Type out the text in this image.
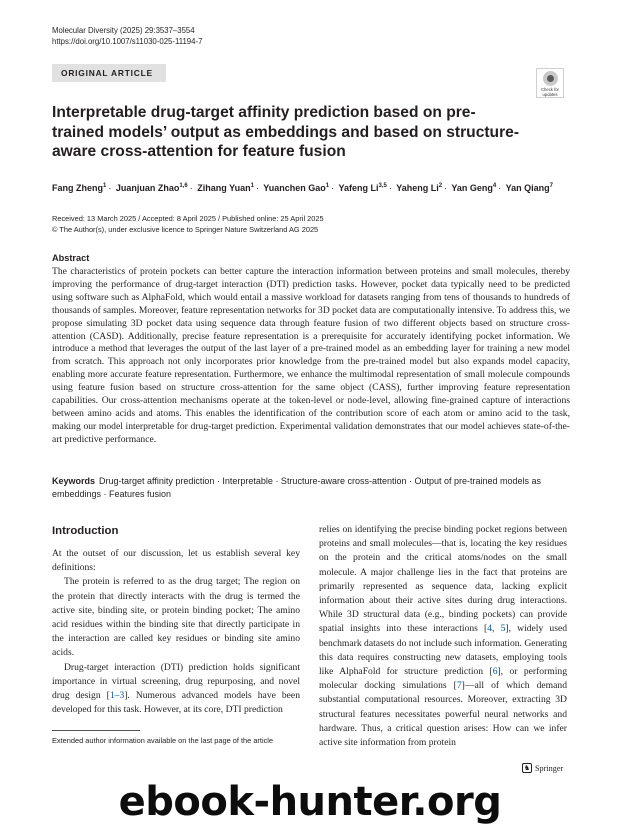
Molecular Diversity (2025) 29:3537–3554
https://doi.org/10.1007/s11030-025-11194-7
ORIGINAL ARTICLE
Check for updates
Interpretable drug-target affinity prediction based on pre-trained models’ output as embeddings and based on structure-aware cross-attention for feature fusion
Fang Zheng$^1$ · Juanjuan Zhao$^{1,6}$ · Zihang Yuan$^1$ · Yuanchen Gao$^1$ · Yafeng Li$^{3,5}$ · Yaheng $Li^2$ · Yan Geng$^4$ · Yan Qiang$^7$
Received: 13 March 2025 / Accepted: 8 April 2025 / Published online: 25 April 2025
© The Author(s), under exclusive licence to Springer Nature Switzerland AG 2025
Abstract

The characteristics of protein pockets can better capture the interaction information between proteins and small molecules, thereby improving the performance of drug-target interaction (DTI) prediction tasks. However, pocket data typically need to be predicted using software such as AlphaFold, which would entail a massive workload for datasets ranging from tens of thousands to hundreds of thousands of samples. Moreover, feature representation networks for 3D pocket data are computationally intensive. To address this, we propose simulating 3D pocket data using sequence data through feature fusion of two different objects based on structure cross-attention (CASD). Additionally, precise feature representation is a prerequisite for accurately identifying pocket information. We introduce a method that leverages the output of the last layer of a pre-trained model as an embedding layer for training a new model from scratch. This approach not only incorporates prior knowledge from the pre-trained model but also expands model capacity, enabling more accurate feature representation. Furthermore, we enhance the multimodal representation of small molecule compounds using feature fusion based on structure cross-attention for the same object (CASS), further improving feature representation capabilities. Our cross-attention mechanisms operate at the token-level or node-level, allowing fine-grained capture of interactions between amino acids and atoms. This enables the identification of the contribution score of each atom or amino acid to the task, making our model interpretable for drug-target prediction. Experimental validation demonstrates that our model achieves state-of-the-art predictive performance.

Keywords Drug-target affinity prediction · Interpretable · Structure-aware cross-attention · Output of pre-trained models as embeddings · Features fusion
Introduction

At the outset of our discussion, let us establish several key definitions:

The protein is referred to as the drug target; The region on the protein that directly interacts with the drug is termed the active site, binding site, or protein binding pocket; The amino acid residues within the binding site that directly participate in the interaction are called key residues or binding site amino acids.

Drug-target interaction (DTI) prediction holds significant importance in virtual screening, drug repurposing, and novel drug design [1–3]. Numerous advanced models have been developed for this task. However, at its core, DTI prediction

relies on identifying the precise binding pocket regions between proteins and small molecules—that is, locating the key residues on the protein and the critical atoms/nodes on the small molecule. A major challenge lies in the fact that proteins are primarily represented as sequence data, lacking explicit information about their active sites during drug interactions. While 3D structural data (e.g., binding pockets) can provide spatial insights into these interactions [4, 5], widely used benchmark datasets do not include such information. Generating this data requires constructing new datasets, employing tools like AlphaFold for structure prediction [6], or performing molecular docking simulations [7]—all of which demand substantial computational resources. Moreover, extracting 3D structural features necessitates powerful neural networks and hardware. Thus, a critical question arises: How can we infer active site information from protein

Extended author information available on the last page of the article
♞ Springer
ebook-hunter.org
